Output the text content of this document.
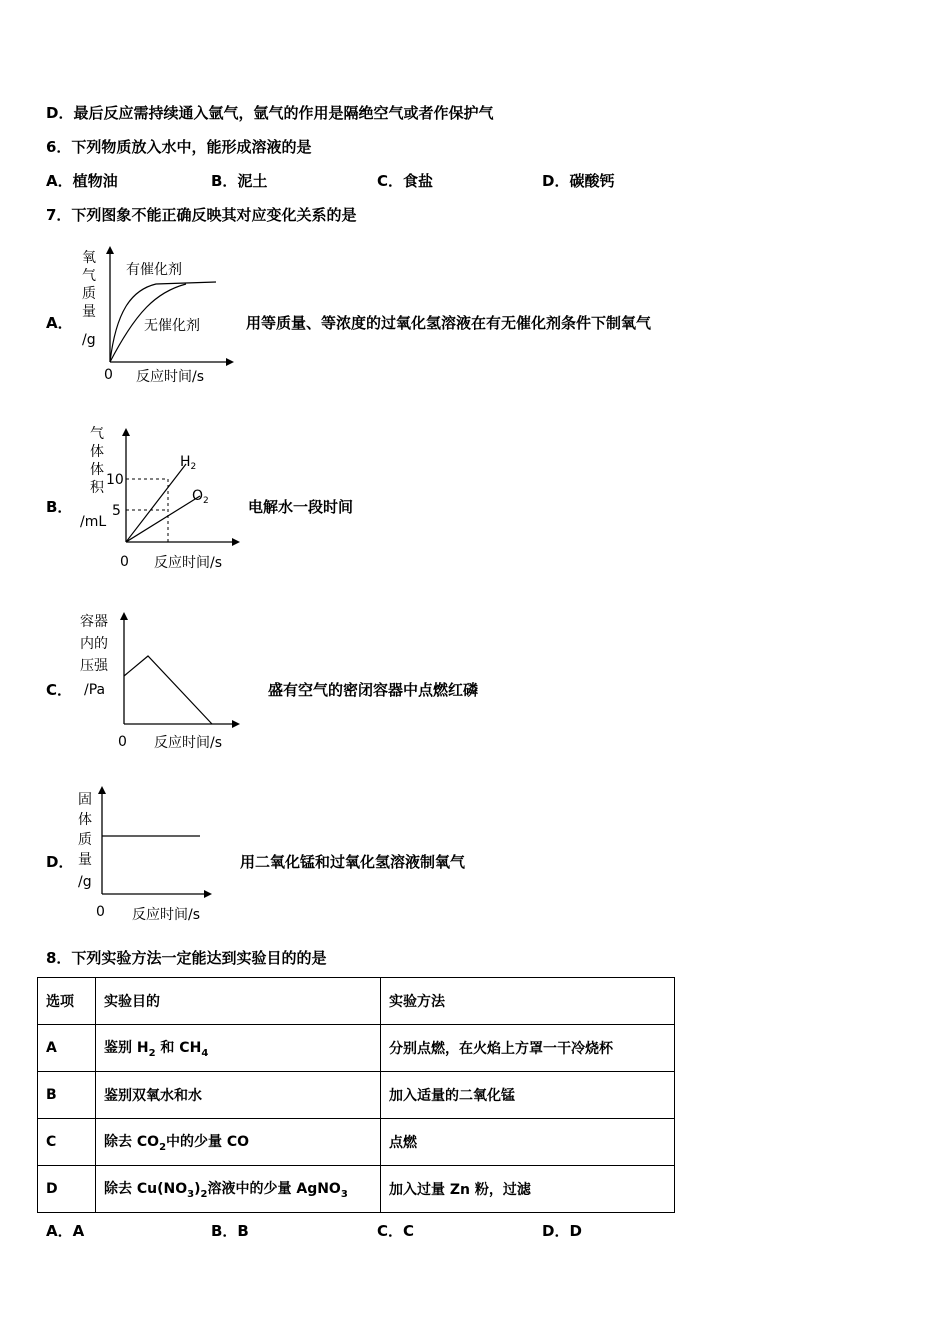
D．最后反应需持续通入氩气，氩气的作用是隔绝空气或者作保护气
6．下列物质放入水中，能形成溶液的是
A．植物油	B．泥土	C．食盐	D．碳酸钙
7．下列图象不能正确反映其对应变化关系的是
A．
氧
气
质
量
/g
有催化剂
无催化剂
0 反应时间/s
用等质量、等浓度的过氧化氢溶液在有无催化剂条件下制氧气
B．
气
体
体
积
/mL
10
5
$H_2$
$O_2$
0 反应时间/s
电解水一段时间
C．
容器
内的
压强
/Pa
0 反应时间/s
盛有空气的密闭容器中点燃红磷
D．
固
体
质
量
/g
0 反应时间/s
用二氧化锰和过氧化氢溶液制氧气
8．下列实验方法一定能达到实验目的的是
选项	实验目的	实验方法
A	鉴别 $H_2$ 和 $CH_4$	分别点燃，在火焰上方罩一干冷烧杯
B	鉴别双氧水和水	加入适量的二氧化锰
C	除去 $CO_2$中的少量 CO	点燃
D	除去 $Cu(NO_3)_2$溶液中的少量 AgNO$_3$	加入过量 Zn 粉，过滤
A．A	B．B	C．C	D．D
